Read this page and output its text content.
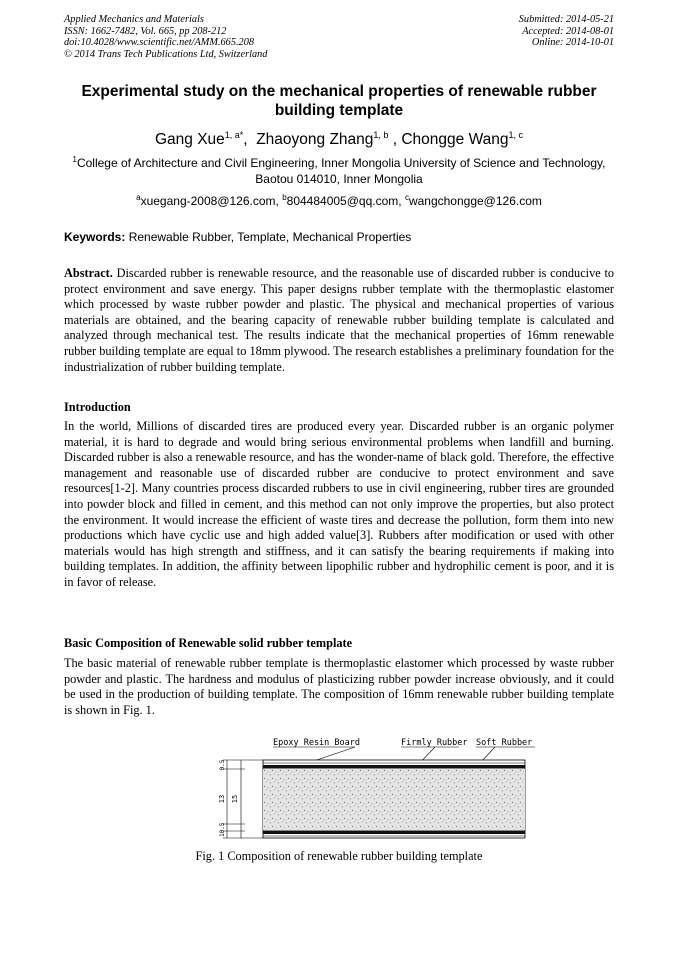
Applied Mechanics and Materials
ISSN: 1662-7482, Vol. 665, pp 208-212
doi:10.4028/www.scientific.net/AMM.665.208
© 2014 Trans Tech Publications Ltd, Switzerland
Submitted: 2014-05-21
Accepted: 2014-08-01
Online: 2014-10-01
Experimental study on the mechanical properties of renewable rubber building template
Gang Xue$^{1, a*}$,  Zhaoyong Zhang$^{1, b}$ , Chongge Wang$^{1, c}$
$^1$College of Architecture and Civil Engineering, Inner Mongolia University of Science and Technology, Baotou 014010, Inner Mongolia
$^a$xuegang-2008@126.com, $^b$804484005@qq.com, $^c$wangchongge@126.com
Keywords: Renewable Rubber, Template, Mechanical Properties
Abstract. Discarded rubber is renewable resource, and the reasonable use of discarded rubber is conducive to protect environment and save energy. This paper designs rubber template with the thermoplastic elastomer which processed by waste rubber powder and plastic. The physical and mechanical properties of various materials are obtained, and the bearing capacity of renewable rubber building template is calculated and analyzed through mechanical test. The results indicate that the mechanical properties of 16mm renewable rubber building template are equal to 18mm plywood. The research establishes a preliminary foundation for the industrialization of rubber building template.
Introduction
In the world, Millions of discarded tires are produced every year. Discarded rubber is an organic polymer material, it is hard to degrade and would bring serious environmental problems when landfill and burning. Discarded rubber is also a renewable resource, and has the wonder-name of black gold. Therefore, the effective management and reasonable use of discarded rubber are conducive to protect environment and save resources[1-2]. Many countries process discarded rubbers to use in civil engineering, rubber tires are grounded into powder block and filled in cement, and this method can not only improve the properties, but also protect the environment. It would increase the efficient of waste tires and decrease the pollution, form them into new productions which have cyclic use and high added value[3]. Rubbers after modification or used with other materials would has high strength and stiffness, and it can satisfy the bearing requirements if making into building templates. In addition, the affinity between lipophilic rubber and hydrophilic cement is poor, and it is in favor of release.
Basic Composition of Renewable solid rubber template
The basic material of renewable rubber template is thermoplastic elastomer which processed by waste rubber powder and plastic. The hardness and modulus of plasticizing rubber powder increase obviously, and it could be used in the production of building template. The composition of 16mm renewable rubber building template is shown in Fig. 1.
Epoxy Resin Board	Firmly Rubber Soft Rubber
15
13
0.5
0.5
1
Fig. 1 Composition of renewable rubber building template
